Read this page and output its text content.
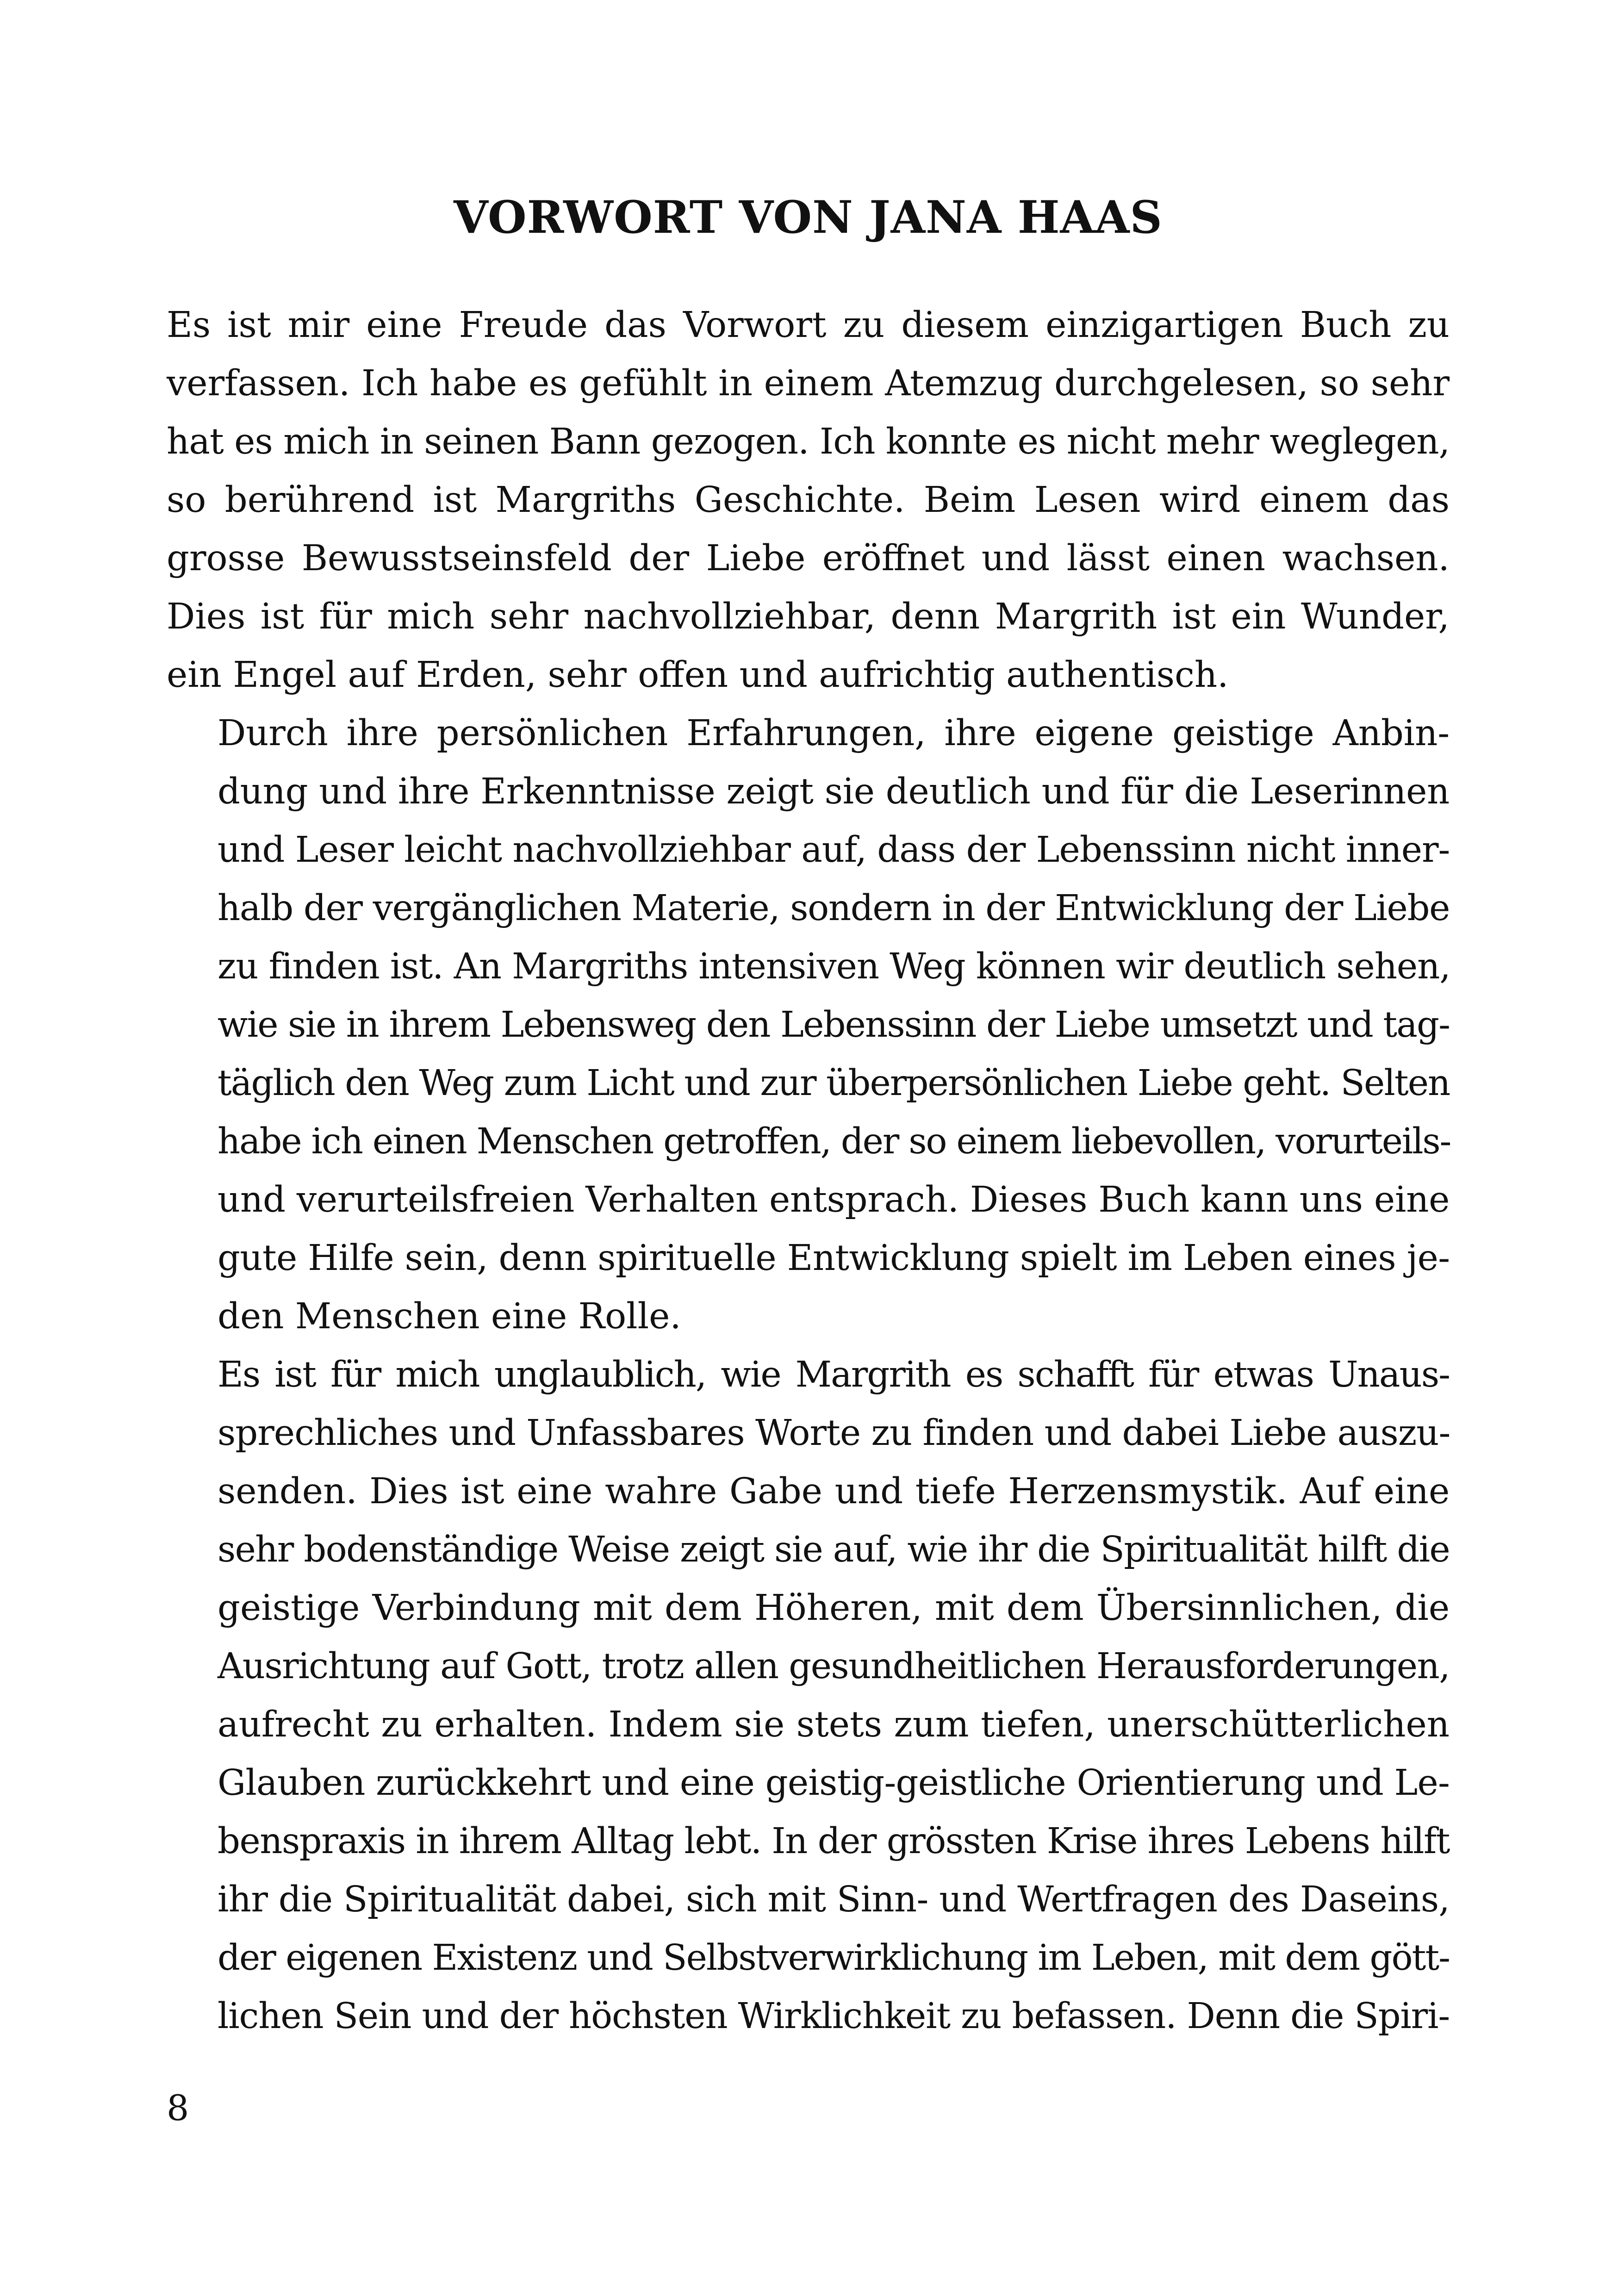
VORWORT VON JANA HAAS

Es ist mir eine Freude das Vorwort zu diesem einzigartigen Buch zu
verfassen. Ich habe es gefühlt in einem Atemzug durchgelesen, so sehr
hat es mich in seinen Bann gezogen. Ich konnte es nicht mehr weglegen,
so berührend ist Margriths Geschichte. Beim Lesen wird einem das
grosse Bewusstseinsfeld der Liebe eröffnet und lässt einen wachsen.
Dies ist für mich sehr nachvollziehbar, denn Margrith ist ein Wunder,
ein Engel auf Erden, sehr offen und aufrichtig authentisch.

Durch ihre persönlichen Erfahrungen, ihre eigene geistige Anbin-
dung und ihre Erkenntnisse zeigt sie deutlich und für die Leserinnen
und Leser leicht nachvollziehbar auf, dass der Lebenssinn nicht inner-
halb der vergänglichen Materie, sondern in der Entwicklung der Liebe
zu finden ist. An Margriths intensiven Weg können wir deutlich sehen,
wie sie in ihrem Lebensweg den Lebenssinn der Liebe umsetzt und tag-
täglich den Weg zum Licht und zur überpersönlichen Liebe geht. Selten
habe ich einen Menschen getroffen, der so einem liebevollen, vorurteils-
und verurteilsfreien Verhalten entsprach. Dieses Buch kann uns eine
gute Hilfe sein, denn spirituelle Entwicklung spielt im Leben eines je-
den Menschen eine Rolle.

Es ist für mich unglaublich, wie Margrith es schafft für etwas Unaus-
sprechliches und Unfassbares Worte zu finden und dabei Liebe auszu-
senden. Dies ist eine wahre Gabe und tiefe Herzensmystik. Auf eine
sehr bodenständige Weise zeigt sie auf, wie ihr die Spiritualität hilft die
geistige Verbindung mit dem Höheren, mit dem Übersinnlichen, die
Ausrichtung auf Gott, trotz allen gesundheitlichen Herausforderungen,
aufrecht zu erhalten. Indem sie stets zum tiefen, unerschütterlichen
Glauben zurückkehrt und eine geistig-geistliche Orientierung und Le-
benspraxis in ihrem Alltag lebt. In der grössten Krise ihres Lebens hilft
ihr die Spiritualität dabei, sich mit Sinn- und Wertfragen des Daseins,
der eigenen Existenz und Selbstverwirklichung im Leben, mit dem gött-
lichen Sein und der höchsten Wirklichkeit zu befassen. Denn die Spiri-

8
